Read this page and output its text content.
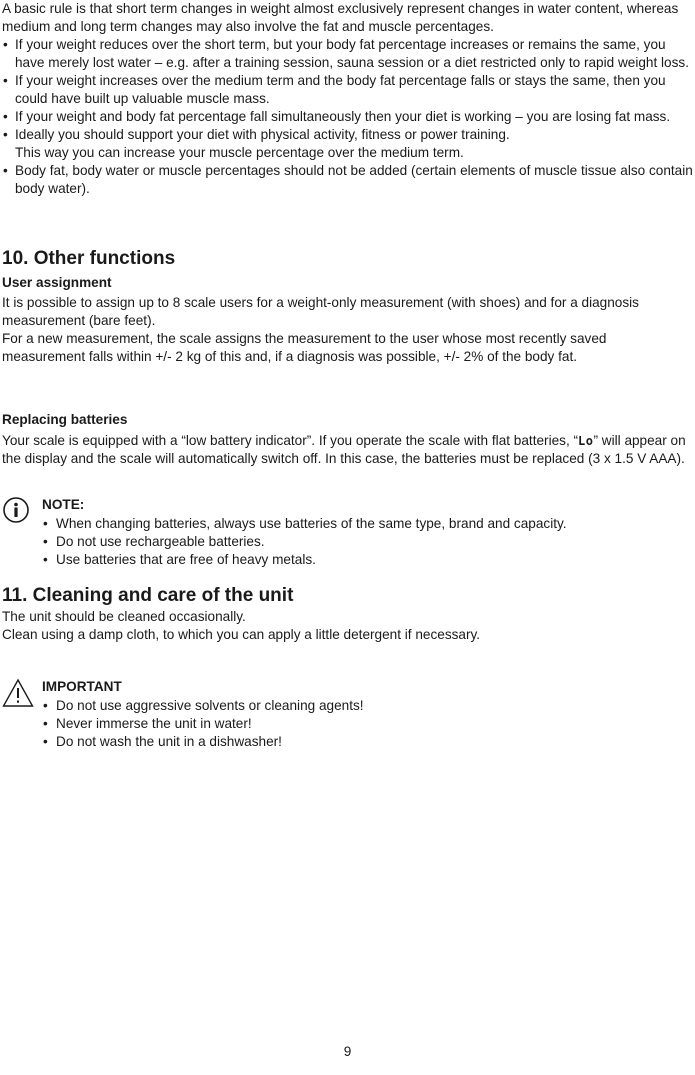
A basic rule is that short term changes in weight almost exclusively represent changes in water content, whereas medium and long term changes may also involve the fat and muscle percentages.

• If your weight reduces over the short term, but your body fat percentage increases or remains the same, you have merely lost water – e.g. after a training session, sauna session or a diet restricted only to rapid weight loss.
• If your weight increases over the medium term and the body fat percentage falls or stays the same, then you could have built up valuable muscle mass.
• If your weight and body fat percentage fall simultaneously then your diet is working – you are losing fat mass.
• Ideally you should support your diet with physical activity, fitness or power training.
This way you can increase your muscle percentage over the medium term.
• Body fat, body water or muscle percentages should not be added (certain elements of muscle tissue also contain body water).
10. Other functions
User assignment

It is possible to assign up to 8 scale users for a weight-only measurement (with shoes) and for a diagnosis measurement (bare feet).

For a new measurement, the scale assigns the measurement to the user whose most recently saved measurement falls within +/- 2 kg of this and, if a diagnosis was possible, +/- 2% of the body fat.

Replacing batteries

Your scale is equipped with a “low battery indicator”. If you operate the scale with flat batteries, “Lo” will appear on the display and the scale will automatically switch off. In this case, the batteries must be replaced (3 x 1.5 V AAA).

NOTE:

• When changing batteries, always use batteries of the same type, brand and capacity.
• Do not use rechargeable batteries.
• Use batteries that are free of heavy metals.
11. Cleaning and care of the unit

The unit should be cleaned occasionally.

Clean using a damp cloth, to which you can apply a little detergent if necessary.

IMPORTANT

• Do not use aggressive solvents or cleaning agents!
• Never immerse the unit in water!
• Do not wash the unit in a dishwasher!
9
